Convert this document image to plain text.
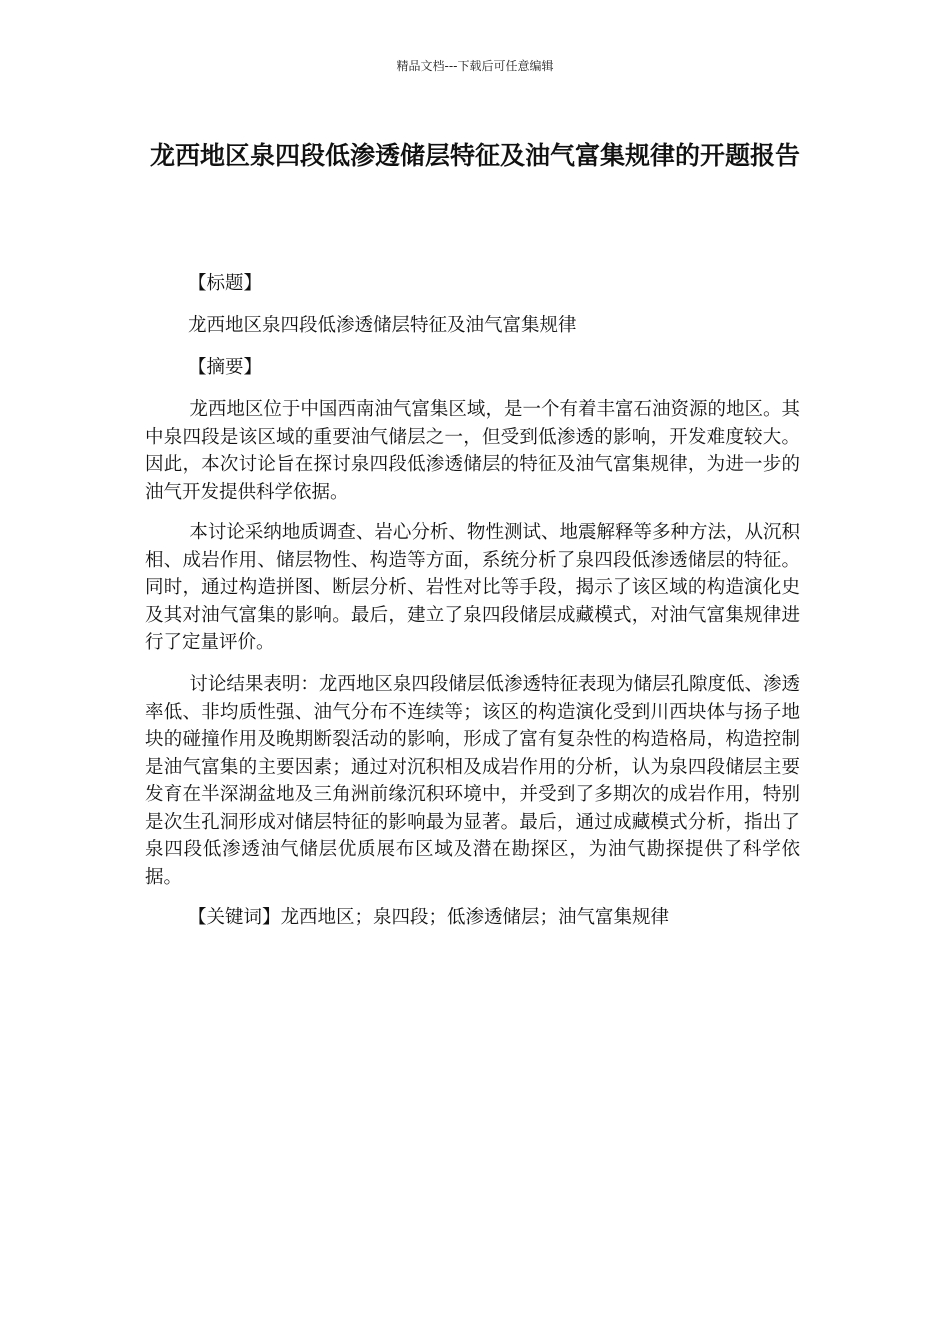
精品文档---下载后可任意编辑
龙西地区泉四段低渗透储层特征及油气富集规律的开题报告
【标题】
龙西地区泉四段低渗透储层特征及油气富集规律
【摘要】

龙西地区位于中国西南油气富集区域，是一个有着丰富石油资源的地区。其中泉四段是该区域的重要油气储层之一，但受到低渗透的影响，开发难度较大。因此，本次讨论旨在探讨泉四段低渗透储层的特征及油气富集规律，为进一步的油气开发提供科学依据。

本讨论采纳地质调查、岩心分析、物性测试、地震解释等多种方法，从沉积相、成岩作用、储层物性、构造等方面，系统分析了泉四段低渗透储层的特征。同时，通过构造拼图、断层分析、岩性对比等手段，揭示了该区域的构造演化史及其对油气富集的影响。最后，建立了泉四段储层成藏模式，对油气富集规律进行了定量评价。

讨论结果表明：龙西地区泉四段储层低渗透特征表现为储层孔隙度低、渗透率低、非均质性强、油气分布不连续等；该区的构造演化受到川西块体与扬子地块的碰撞作用及晚期断裂活动的影响，形成了富有复杂性的构造格局，构造控制是油气富集的主要因素；通过对沉积相及成岩作用的分析，认为泉四段储层主要发育在半深湖盆地及三角洲前缘沉积环境中，并受到了多期次的成岩作用，特别是次生孔洞形成对储层特征的影响最为显著。最后，通过成藏模式分析，指出了泉四段低渗透油气储层优质展布区域及潜在勘探区，为油气勘探提供了科学依据。

【关键词】龙西地区；泉四段；低渗透储层；油气富集规律
